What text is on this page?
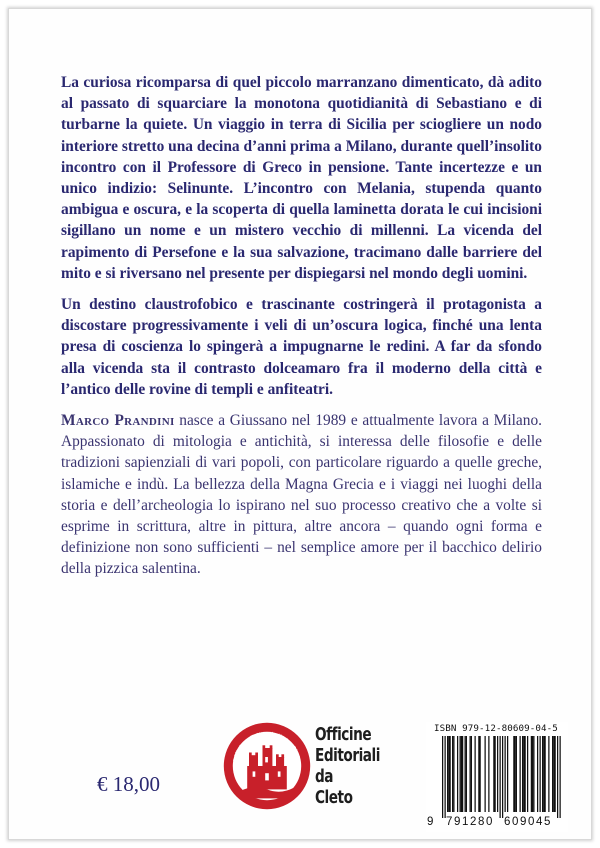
La curiosa ricomparsa di quel piccolo marranzano dimenticato, dà adito al passato di squarciare la monotona quotidianità di Sebastiano e di turbarne la quiete. Un viaggio in terra di Sicilia per sciogliere un nodo interiore stretto una decina d’anni prima a Milano, durante quell’insolito incontro con il Professore di Greco in pensione. Tante incertezze e un unico indizio: Selinunte. L’incontro con Melania, stupenda quanto ambigua e oscura, e la scoperta di quella laminetta dorata le cui incisioni sigillano un nome e un mistero vecchio di millenni. La vicenda del rapimento di Persefone e la sua salvazione, tracimano dalle barriere del mito e si riversano nel presente per dispiegarsi nel mondo degli uomini.

Un destino claustrofobico e trascinante costringerà il protagonista a discostare progressivamente i veli di un’oscura logica, finché una lenta presa di coscienza lo spingerà a impugnarne le redini. A far da sfondo alla vicenda sta il contrasto dolceamaro fra il moderno della città e l’antico delle rovine di templi e anfiteatri.

Marco Prandini nasce a Giussano nel 1989 e attualmente lavora a Milano. Appassionato di mitologia e antichità, si interessa delle filosofie e delle tradizioni sapienziali di vari popoli, con particolare riguardo a quelle greche, islamiche e indù. La bellezza della Magna Grecia e i viaggi nei luoghi della storia e dell’archeologia lo ispirano nel suo processo creativo che a volte si esprime in scrittura, altre in pittura, altre ancora – quando ogni forma e definizione non sono sufficienti – nel semplice amore per il bacchico delirio della pizzica salentina.

€ 18,00
Officine Editoriali da Cleto
Officine
Editoriali
da
Cleto
ISBN 979-12-80609-04-5
9 791280 609045
